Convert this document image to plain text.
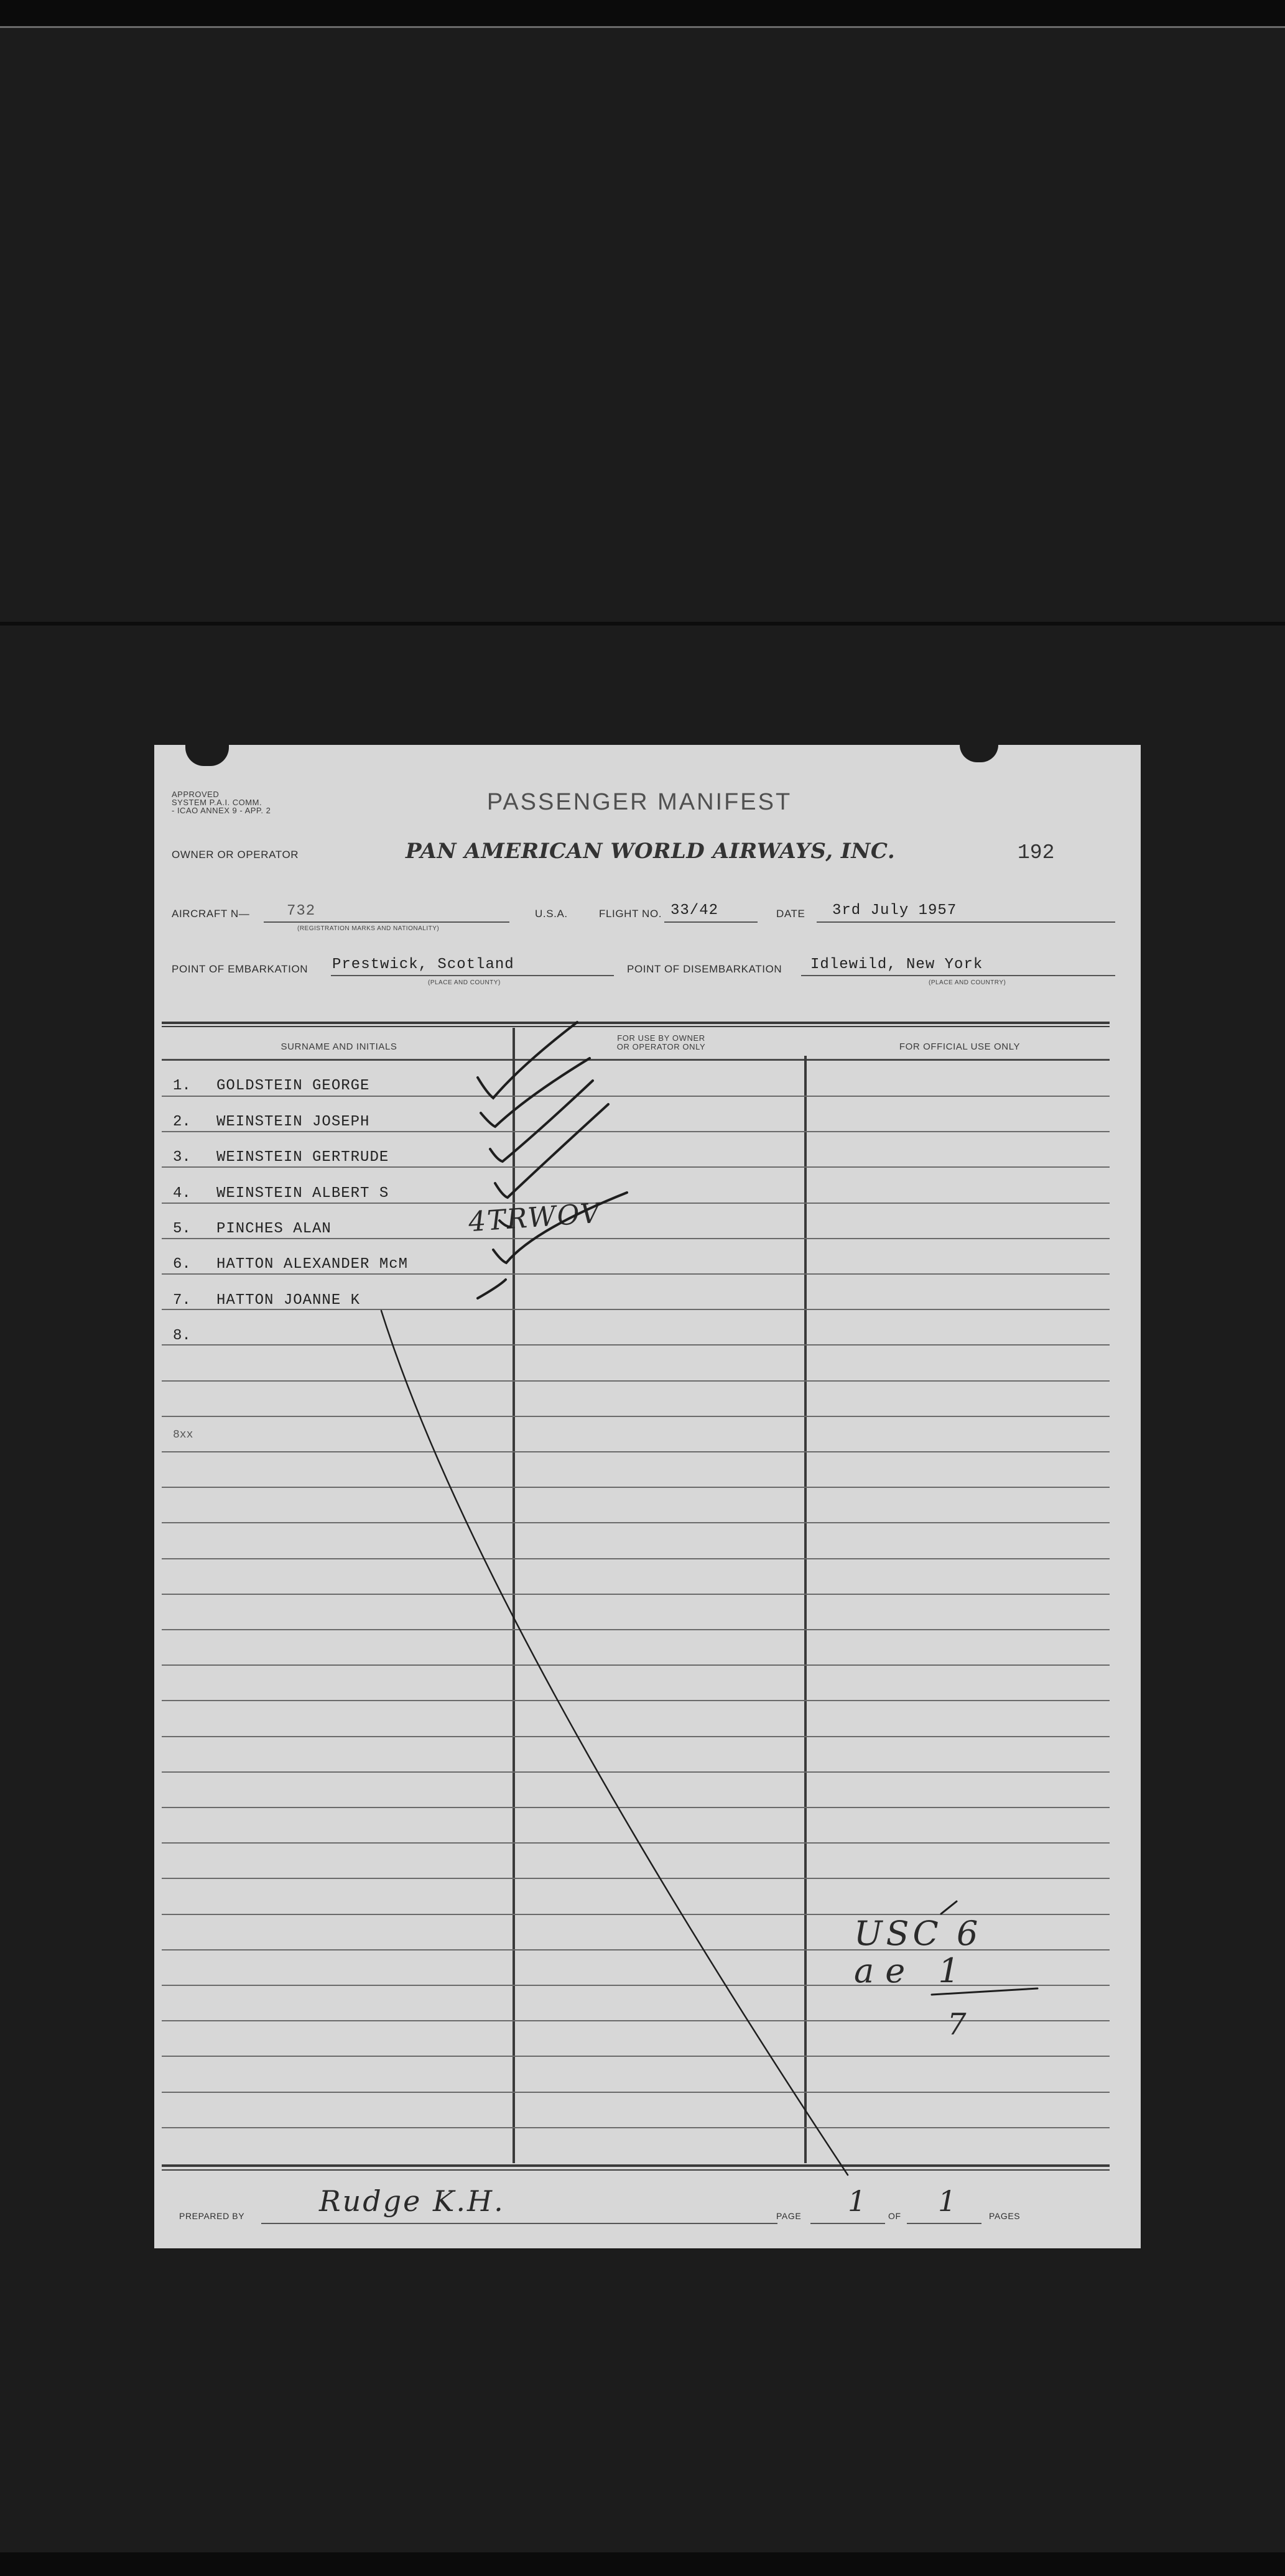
APPROVED
SYSTEM P.A.I. COMM.
- ICAO ANNEX 9 - APP. 2	PASSENGER MANIFEST
OWNER OR OPERATOR	PAN AMERICAN WORLD AIRWAYS, INC.	192
AIRCRAFT N— 732
(REGISTRATION MARKS AND NATIONALITY)
U.S.A.	FLIGHT NO. 33/42	DATE 3rd July 1957
POINT OF EMBARKATION Prestwick, Scotland
(PLACE AND COUNTY)
POINT OF DISEMBARKATION Idlewild, New York
(PLACE AND COUNTRY)
SURNAME AND INITIALS
FOR USE BY OWNER
OR OPERATOR ONLY	FOR OFFICIAL USE ONLY
1. GOLDSTEIN GEORGE
2. WEINSTEIN JOSEPH
3. WEINSTEIN GERTRUDE
4. WEINSTEIN ALBERT S
5. PINCHES ALAN
6. HATTON ALEXANDER McM
7. HATTON JOANNE K
8.
8xx
4TRWOV
USC 6
ae 1
7
PREPARED BY	Rudge K.H.	PAGE 1	OF 1	PAGES
